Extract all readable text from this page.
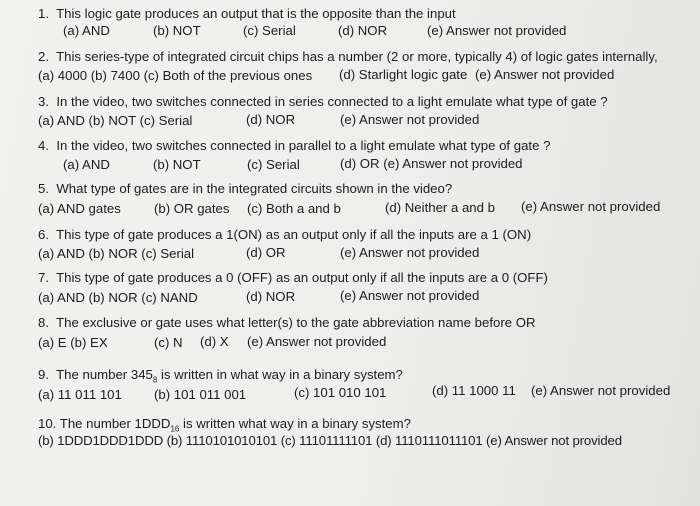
1. This logic gate produces an output that is the opposite than the input
(a) AND	(b) NOT	(c) Serial	(d) NOR	(e) Answer not provided
2. This series-type of integrated circuit chips has a number (2 or more, typically 4) of logic gates internally,
(a) 4000 (b) 7400 (c) Both of the previous ones (d) Starlight logic gate (e) Answer not provided
3. In the video, two switches connected in series connected to a light emulate what type of gate ?
(a) AND (b) NOT (c) Serial	(d) NOR	(e) Answer not provided
4. In the video, two switches connected in parallel to a light emulate what type of gate ?
(a) AND	(b) NOT	(c) Serial	(d) OR (e) Answer not provided
5. What type of gates are in the integrated circuits shown in the video?
(a) AND gates	(b) OR gates (c) Both a and b	(d) Neither a and b (e) Answer not provided
6. This type of gate produces a 1(ON) as an output only if all the inputs are a 1 (ON)
(a) AND (b) NOR (c) Serial	(d) OR	(e) Answer not provided
7. This type of gate produces a 0 (OFF) as an output only if all the inputs are a 0 (OFF)
(a) AND (b) NOR (c) NAND	(d) NOR	(e) Answer not provided
8. The exclusive or gate uses what letter(s) to the gate abbreviation name before OR
(a) E (b) EX	(c) N (d) X (e) Answer not provided
9. The number $345_8$ is written in what way in a binary system?
(a) 11 011 101 (b) 101 011 001	(c) 101 010 101	(d) 11 1000 11 (e) Answer not provided
10. The number $1DDD_{16}$ is written what way in a binary system?
(b) 1DDD1DDD1DDD (b) 1110101010101 (c) 11101111101 (d) 1110111011101 (e) Answer not provided
